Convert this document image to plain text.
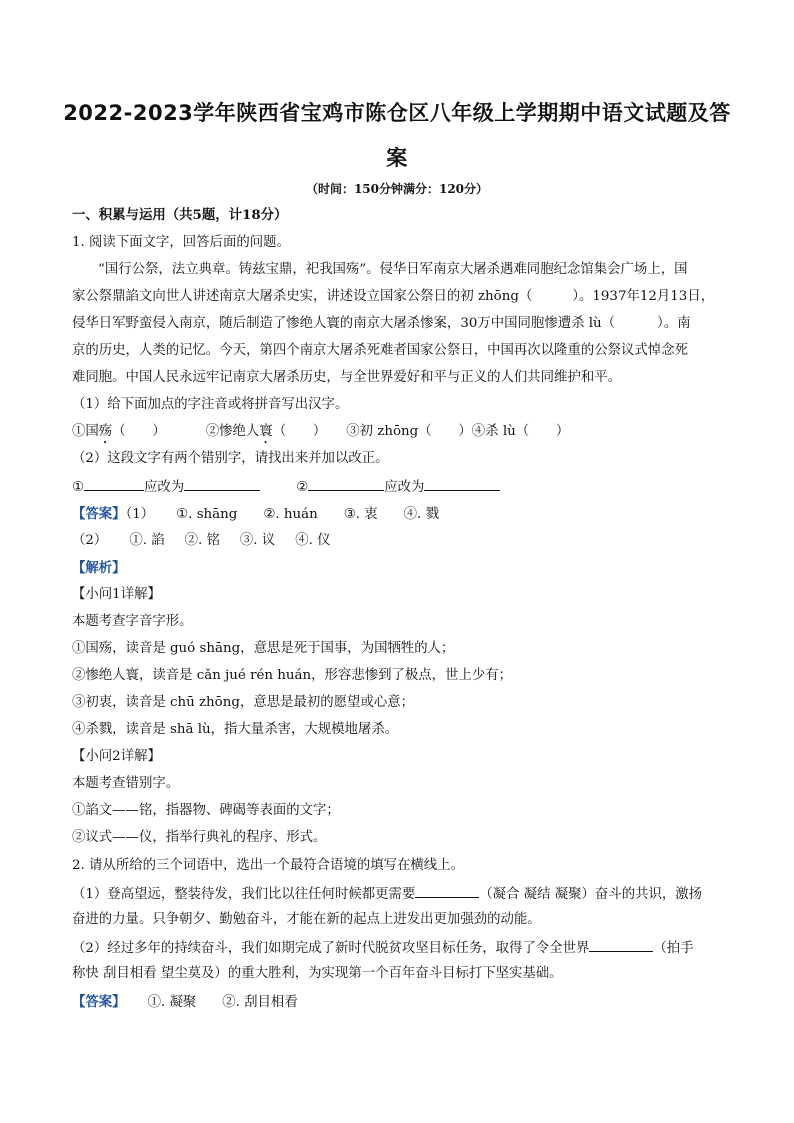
2022-2023学年陕西省宝鸡市陈仓区八年级上学期期中语文试题及答
案
（时间：150分钟满分：120分）
一、积累与运用（共5题，计18分）
1. 阅读下面文字，回答后面的问题。
“国行公祭，法立典章。铸兹宝鼎，祀我国殇”。侵华日军南京大屠杀遇难同胞纪念馆集会广场上，国
家公祭鼎諂文向世人讲述南京大屠杀史实，讲述设立国家公祭日的初 zhōng（	）。1937年12月13日，
侵华日军野蛮侵入南京，随后制造了惨绝人寰的南京大屠杀惨案，30万中国同胞惨遭杀 lù（	）。南
京的历史，人类的记忆。今天，第四个南京大屠杀死难者国家公祭日，中国再次以隆重的公祭议式悼念死
难同胞。中国人民永远牢记南京大屠杀历史，与全世界爱好和平与正义的人们共同维护和平。
（1）给下面加点的字注音或将拼音写出汉字。
①国殇（　　）	②惨绝人寰（　　） ③初 zhōng（　　）④杀 lù（　　）
（2）这段文字有两个错别字，请找出来并加以改正。
①	应改为	②	应改为
【答案】（1） ①. shāng ②. huán ③. 衷 ④. 戮
（2） ①. 諂 ②. 铭 ③. 议 ④. 仪
【解析】
【小问1详解】
本题考查字音字形。
①国殇，读音是 guó shāng，意思是死于国事，为国牺牲的人；
②惨绝人寰，读音是 cǎn jué rén huán，形容悲惨到了极点，世上少有；
③初衷，读音是 chū zhōng，意思是最初的愿望或心意；
④杀戮，读音是 shā lù，指大量杀害，大规模地屠杀。
【小问2详解】
本题考查错别字。
①諂文——铭，指器物、碑碣等表面的文字；
②议式——仪，指举行典礼的程序、形式。
2. 请从所给的三个词语中，选出一个最符合语境的填写在横线上。
（1）登高望远，整装待发，我们比以往任何时候都更需要	（凝合 凝结 凝聚）奋斗的共识，激扬
奋进的力量。只争朝夕、勤勉奋斗，才能在新的起点上进发出更加强劲的动能。
（2）经过多年的持续奋斗，我们如期完成了新时代脱贫攻坚目标任务，取得了令全世界	（拍手
称快 刮目相看 望尘莫及）的重大胜利，为实现第一个百年奋斗目标打下坚实基础。
【答案】 ①. 凝聚 ②. 刮目相看
